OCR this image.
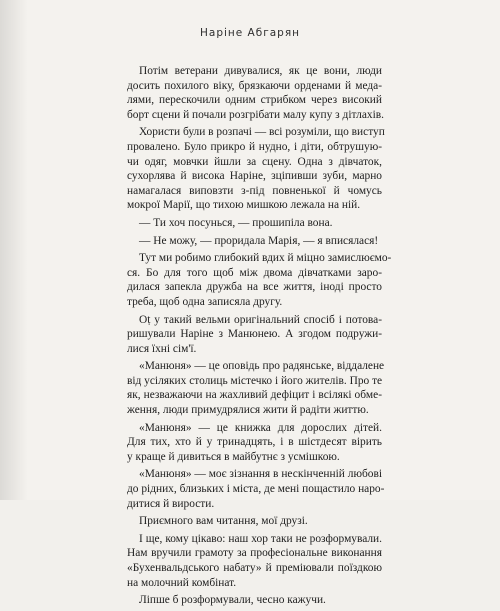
Наріне Абгарян

Потім ветерани дивувалися, як це вони, люди
досить похилого віку, брязкаючи орденами й меда-
лями, перескочили одним стрибком через високий
борт сцени й почали розгрібати малу купу з дітлахів.

Хористи були в розпачі — всі розуміли, що виступ
провалено. Було прикро й нудно, і діти, обтрушую-
чи одяг, мовчки йшли за сцену. Одна з дівчаток,
сухорлява й висока Наріне, зціпивши зуби, марно
намагалася виповзти з-під повненької й чомусь
мокрої Марії, що тихою мишкою лежала на ній.

— Ти хоч посунься, — прошипіла вона.

— Не можу, — проридала Марія, — я вписялася!

Тут ми робимо глибокий вдих й міцно замислюємо-
ся. Бо для того щоб між двома дівчатками заро-
дилася запекла дружба на все життя, іноді просто
треба, щоб одна записяла другу.

Оṭ у такий вельми оригінальний спосіб і потова-
ришували Наріне з Манюнею. А згодом подружи-
лися їхні сім'ї.

«Манюня» — це оповідь про радянське, віддалене
від усіляких столиць містечко і його жителів. Про те
як, незважаючи на жахливий дефіцит і всілякі обме-
ження, люди примудрялися жити й радіти життю.

«Манюня» — це книжка для дорослих дітей.
Для тих, хто й у тринадцять, і в шістдесят вірить
у краще й дивиться в майбутнє з усмішкою.

«Манюня» — моє зізнання в нескінченній любові
до рідних, близьких і міста, де мені пощастило наро-
дитися й вирости.

Приємного вам читання, мої друзі.

І ще, кому цікаво: наш хор таки не розформували.
Нам вручили грамоту за професіональне виконання
«Бухенвальдського набату» й преміювали поїздкою
на молочний комбінат.

Ліпше б розформували, чесно кажучи.
